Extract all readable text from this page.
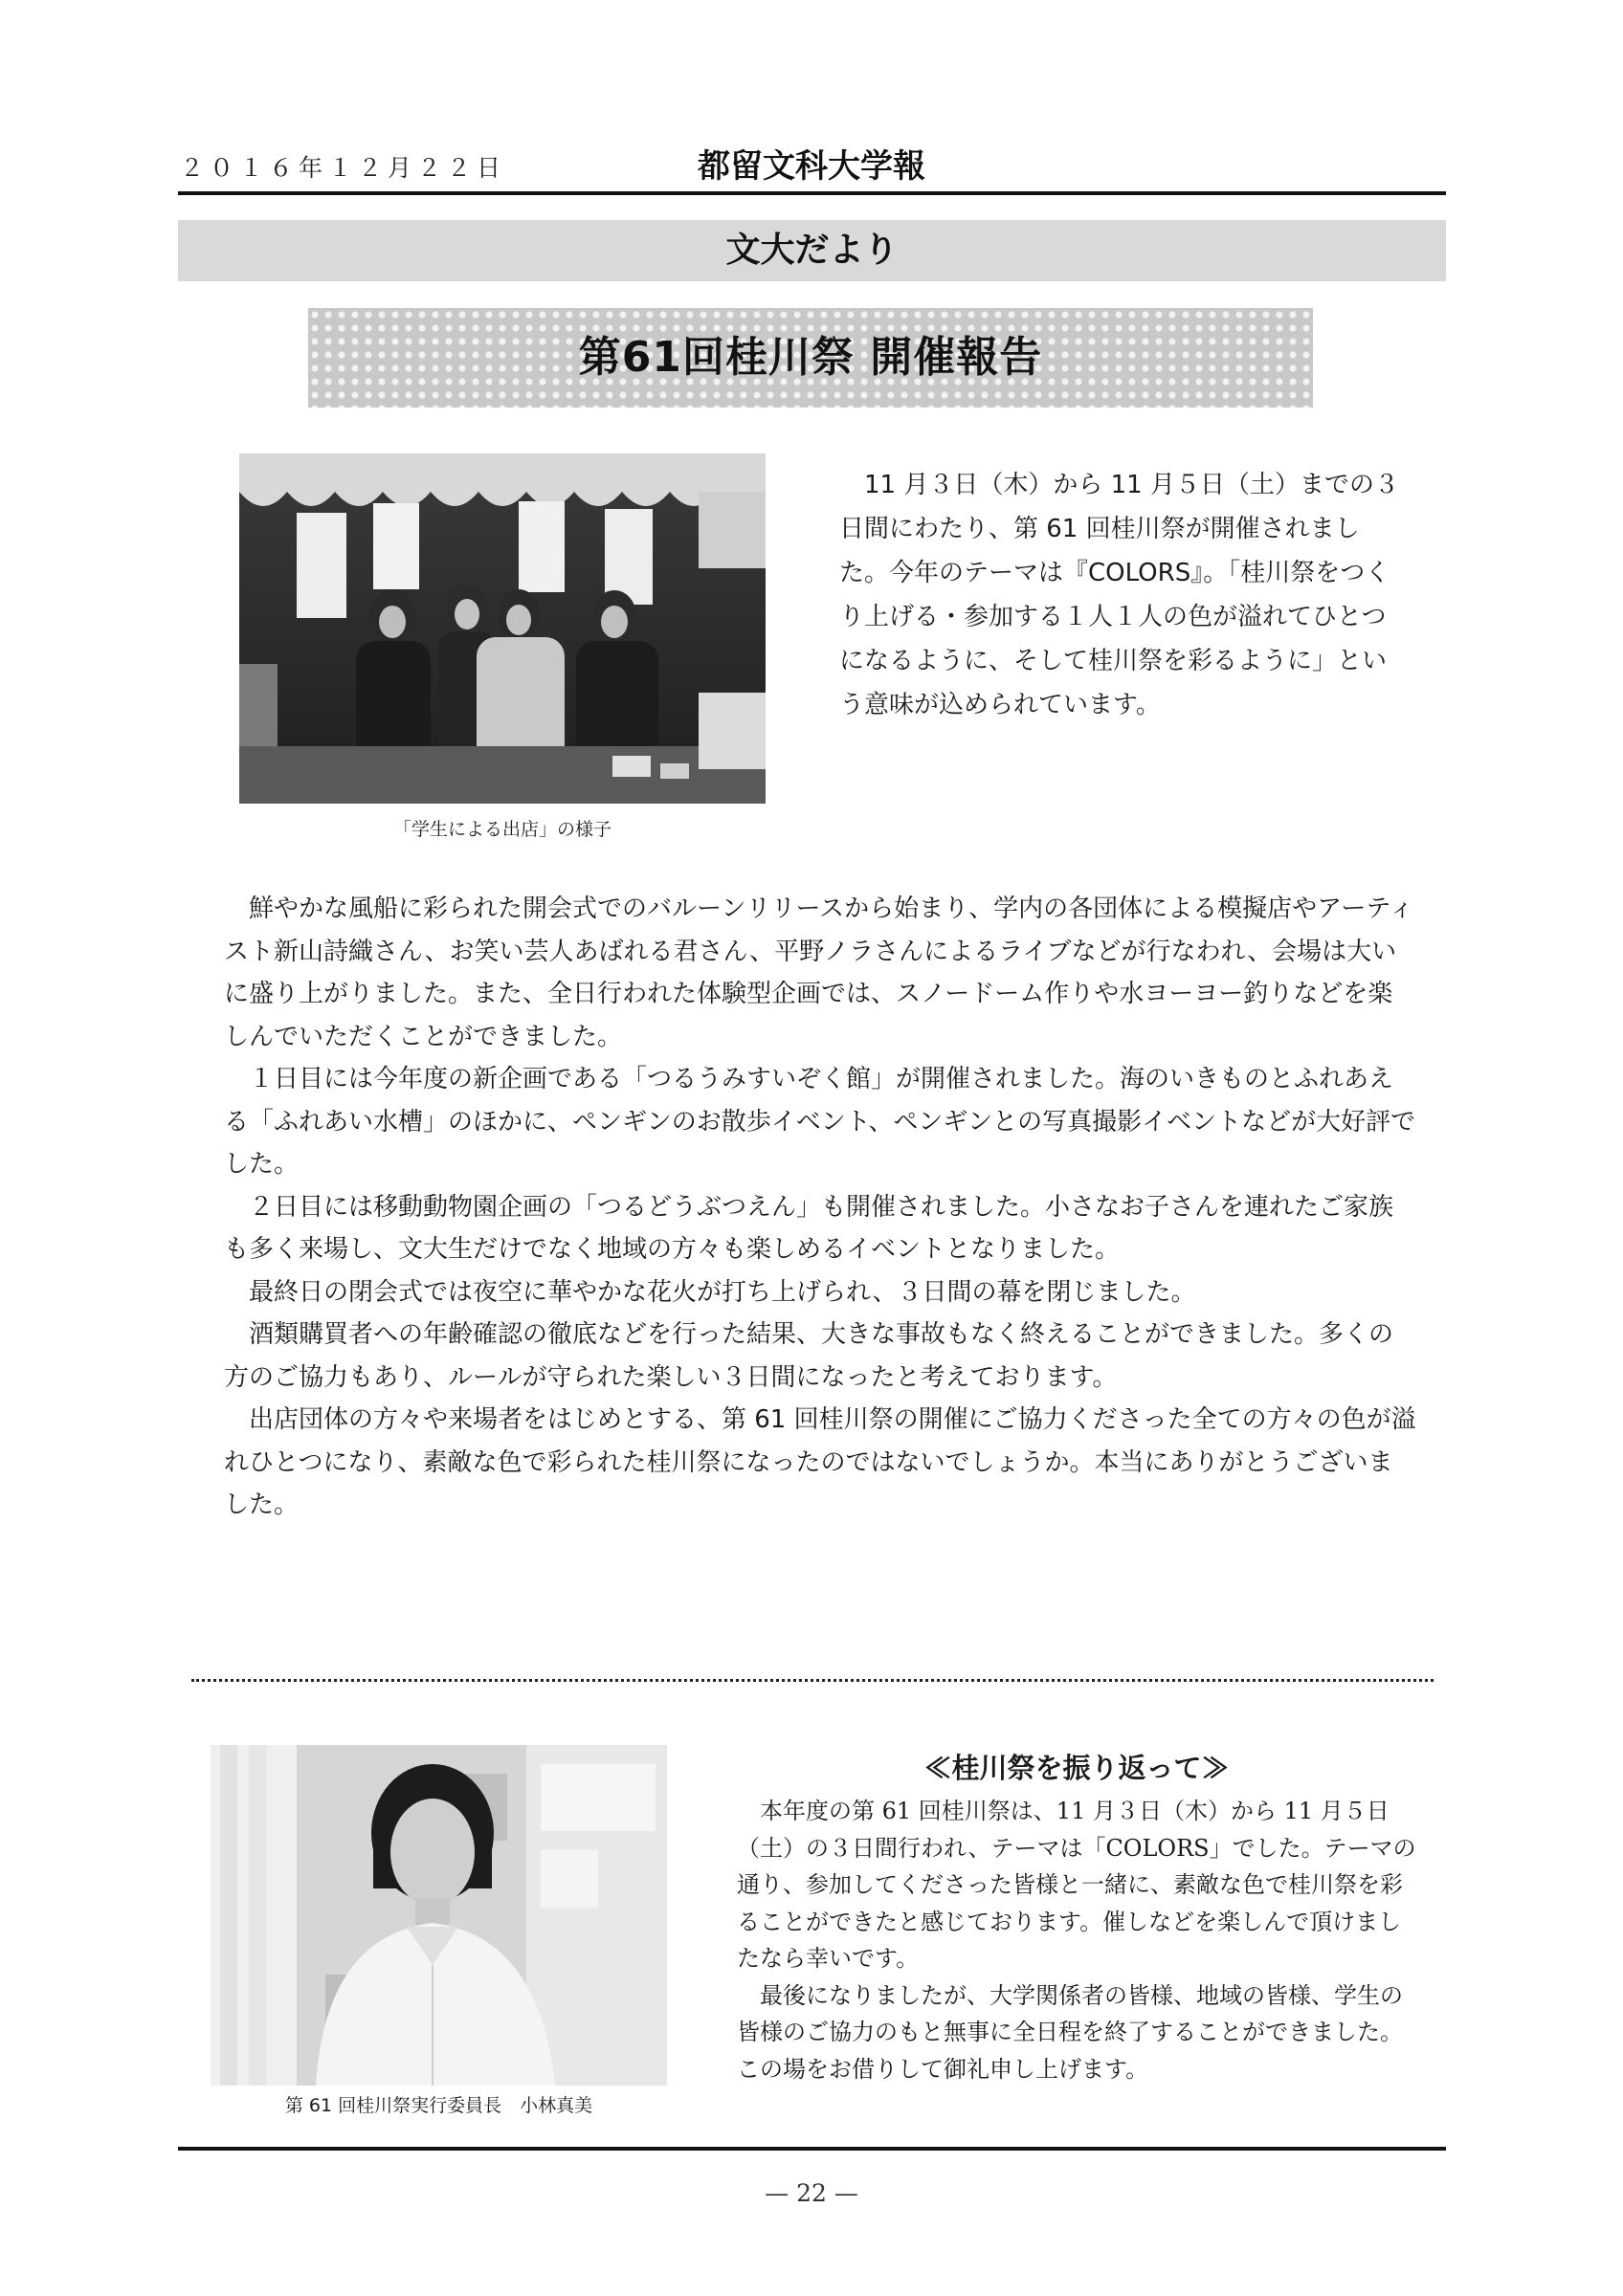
２０１６年１２月２２日	都留文科大学報
文大だより
第61回桂川祭 開催報告
「学生による出店」の様子

11 月３日（木）から 11 月５日（土）までの３日間にわたり、第 61 回桂川祭が開催されました。今年のテーマは『COLORS』。「桂川祭をつくり上げる・参加する１人１人の色が溢れてひとつになるように、そして桂川祭を彩るように」という意味が込められています。

鮮やかな風船に彩られた開会式でのバルーンリリースから始まり、学内の各団体による模擬店やアーティスト新山詩織さん、お笑い芸人あばれる君さん、平野ノラさんによるライブなどが行なわれ、会場は大いに盛り上がりました。また、全日行われた体験型企画では、スノードーム作りや水ヨーヨー釣りなどを楽しんでいただくことができました。

１日目には今年度の新企画である「つるうみすいぞく館」が開催されました。海のいきものとふれあえる「ふれあい水槽」のほかに、ペンギンのお散歩イベント、ペンギンとの写真撮影イベントなどが大好評でした。

２日目には移動動物園企画の「つるどうぶつえん」も開催されました。小さなお子さんを連れたご家族も多く来場し、文大生だけでなく地域の方々も楽しめるイベントとなりました。

最終日の閉会式では夜空に華やかな花火が打ち上げられ、３日間の幕を閉じました。

酒類購買者への年齢確認の徹底などを行った結果、大きな事故もなく終えることができました。多くの方のご協力もあり、ルールが守られた楽しい３日間になったと考えております。

出店団体の方々や来場者をはじめとする、第 61 回桂川祭の開催にご協力くださった全ての方々の色が溢れひとつになり、素敵な色で彩られた桂川祭になったのではないでしょうか。本当にありがとうございました。

第 61 回桂川祭実行委員長　小林真美
≪桂川祭を振り返って≫

本年度の第 61 回桂川祭は、11 月３日（木）から 11 月５日（土）の３日間行われ、テーマは「COLORS」でした。テーマの通り、参加してくださった皆様と一緒に、素敵な色で桂川祭を彩ることができたと感じております。催しなどを楽しんで頂けましたなら幸いです。

最後になりましたが、大学関係者の皆様、地域の皆様、学生の皆様のご協力のもと無事に全日程を終了することができました。この場をお借りして御礼申し上げます。

— 22 —
